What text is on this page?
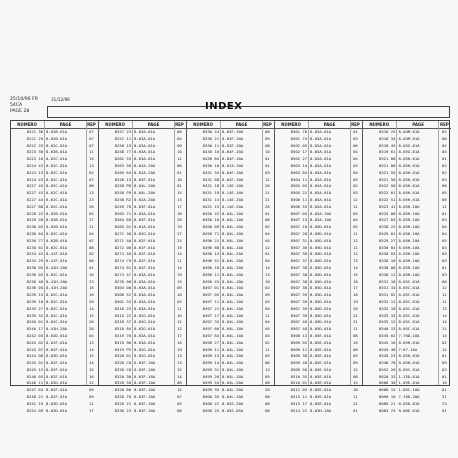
25/10/96 FR
54CA
PAGE 28
31/12/96
INDEX
NUMERO	PAGE	REP
8221 36 8-62B-01A	07
8221 29 8-62B-01A	07
8222 25 8-62C-01A	07
8223 30 8-62B-01A	11
8223 16 8-62C-01A	15
8224 43 8-62C-01A	13
8224 13 8-62C-01A	02
8224 43 8-62C-01A	07
8227 45 8-62C-01A	06
8227 43 8-62C-01A	13
8227 44 8-62C-01A	23
8227 88 8-62C-01A	26
8228 22 8-62B-01A	02
8229 28 8-62B-01A	17
8230 03 8-62B-01A	21
8230 64 8-62C-01A	04
8230 77 8-62B-01A	07
8230 61 8-62C-01A	08
8234 42 8-41F-01A	02
8234 29 8-41F-01A	06
8236 05 8-41H-20A	01
8236 03 8-62C-01A	16
8236 40 8-41H-20A	23
8236 05 8-41H-20A	16
8239 15 8-62C-01A	16
8239 16 8-62C-01A	20
8239 27 8-62C-01A	14
8239 32 8-62C-01A	15
8240 01 8-62C-01A	20
8240 17 8-41H-20A	20
8242 03 8-62D-01A	04
8243 02 8-62F-01A	13
8243 07 8-62F-01A	14
8244 08 8-62D-01A	15
8245 01 8-62F-01A	14
8245 15 8-62F-01A	15
8246 03 8-62F-01A	16
8246 11 8-62D-01A	22
8247 64 8-62F-01A	09
8248 21 8-62F-01A	09
8252 19 8-62D-01A	11
8254 09 8-62D-01A	17
NUMERO	PAGE	REP
8257 23 8-63A-01A	08
8257 11 8-63A-01A	04
8258 19 8-63A-01A	09
8258 77 8-63A-01A	10
8262 53 8-63A-01A	11
8263 56 8-62A-20A	06
8265 64 8-62A-20A	01
8258 13 8-63F-01A	18
8258 P8 8-04L-20A	01
8258 P9 8-04L-20A	15
8258 R2 8-62A-20A	13
8259 70 8-63F-01A	17
8263 71 8-63A-01A	18
8264 60 8-63F-01A	20
8265 01 8-61A-01A	19
8271 30 8-62G-01A	27
8271 40 8-62F-01A	24
8272 00 8-62F-01A	19
8274 50 8-62F-01A	14
8274 C9 8-62F-01A	11
8274 61 8-62F-01A	14
8274 47 8-63A-01A	19
8276 00 8-63A-01A	19
8304 08 8-63A-01A	09
8306 52 8-63A-01A	10
8301 33 8-63A-01A	03
8310 23 8-63A-01A	11
8315 22 8-62G-01A	10
8318 37 8-62G-01A	12
8318 84 8-62G-01A	12
8319 70 8-63A-01A	17
8319 96 8-63A-01A	10
8319 P5 8-62G-01A	19
8320 01 8-62G-01A	13
8320 C0 8-63F-10A	13
8320 C8 8-63F-10A	15
8320 30 8-63F-10A	14
8320 50 8-63F-10A	08
8320 66 8-63F-10A	15
8320 70 8-63F-10A	07
8320 21 8-63F-10A	09
8330 23 8-63F-10A	08
NUMERO	PAGE	REP
8330 24 8-63F-10A	08
8330 21 8-63F-10A	09
8330 11 8-63F-10A	08
8430 16 8-04F-10A	10
8430 84 8-04F-10A	01
8430 16 8-07A-10A	01
8431 34 8-04F-10A	03
8431 68 8-04F-10A	12
8431 18 8-14E-10A	20
8431 19 8-14E-10A	21
8431 14 8-14E-20A	21
8431 15 8-14E-20A	26
8456 22 8-04L-10A	01
8456 16 8-04L-10A	06
8456 09 8-04L-10A	02
8456 71 8-04L-10A	04
8496 21 8-04L-10A	04
8496 88 8-04L-10A	12
8496 14 8-04L-20A	01
8496 51 8-04L-20A	04
8496 18 8-04L-20A	14
8496 11 8-04L-10A	13
8496 43 8-04L-10A	10
8497 01 8-04L-10A	02
8497 05 8-04L-10A	09
8497 11 8-04L-10A	03
8497 21 8-04L-10A	04
8497 17 8-04L-10A	11
8497 33 8-04L-10A	04
8497 66 8-04L-10A	04
8497 84 8-04L-10A	04
8498 27 8-04L-10A	02
8499 11 8-04L-10A	11
8499 13 8-04L-20A	03
8499 14 8-04L-10A	06
8499 31 8-04L-10A	13
8499 20 8-04L-10A	05
8499 54 8-04L-20A	08
8499 35 8-04L-20A	20
8500 35 8-04L-10A	08
8500 22 8-05S-20A	08
8500 25 8-05S-05A	08
NUMERO	PAGE	REP
8501 70 8-05A-01A	01
8501 74 8-05A-01A	03
8502 03 8-05A-01A	06
8502 17 8-05A-01A	04
8502 27 8-05A-01A	04
8503 14 8-05A-01A	03
8503 84 8-05A-01A	04
8504 11 8-05A-01A	05
8505 03 8-05A-01A	02
8505 22 8-05A-01A	03
8506 11 8-05A-01A	12
8506 53 8-05A-01A	11
8507 03 8-05A-10A	05
8507 13 8-05A-10A	04
8507 16 8-05D-01A	05
8507 28 8-05D-01A	11
8507 31 8-05D-01A	12
8507 36 8-05D-01A	11
8507 36 8-05D-01A	12
8507 37 8-05D-01A	13
8507 38 8-05D-01A	14
8507 38 8-05D-01A	15
8507 38 8-05D-01A	16
8507 38 8-05D-01A	17
8507 39 8-05D-01A	18
8507 39 8-05D-01A	19
8507 39 8-05D-01A	20
8507 39 8-05D-01A	21
8507 48 8-05D-01A	21
8507 48 8-05D-01A	11
8508 13 8-05E-01A	08
8509 03 8-05E-01A	16
8509 12 8-05E-01A	08
8509 38 8-05E-01A	05
8509 48 8-05E-01A	09
8509 56 8-05E-01A	15
8510 35 8-05E-01A	08
8510 01 8-05E-01A	15
8512 05 8-05E-01A	18
8513 11 8-05E-01A	11
8513 17 8-05E-01A	21
8514 22 8-03H-10A	01
NUMERO	PAGE	REP
8516 25 8-04M-01A	02
8518 34 8-04M-01A	06
8518 45 8-05G-01A	02
8519 61 8-05G-01A	04
8521 08 8-05H-01A	01
8521 06 8-05H-01A	02
8521 55 8-05H-01A	02
8521 58 8-05H-01A	03
8522 50 8-05H-01A	06
8522 61 8-05H-01A	05
8522 51 8-05H-01A	06
8523 41 8-05H-10A	11
8525 06 8-05H-10A	01
8527 65 8-05H-10A	03
8528 22 8-05H-10A	04
8529 01 8-05H-10A	04
8529 27 8-05H-10A	05
8530 04 8-05H-10A	03
8530 03 8-05H-10A	03
8530 16 8-05H-10A	03
8530 08 8-05H-10A	01
8530 11 8-05H-10A	03
8531 16 8-05C-01A	06
8531 34 8-05C-01A	12
8531 02 8-05C-01A	11
8532 11 8-05C-01A	11
8532 18 8-05C-01A	13
8533 33 8-05C-01A	14
8535 12 8-05C-01A	14
8540 13 8-05C-01A	11
8545 02 7-70D-10A	14
8545 16 8-05H-01A	02
8545 46 7-67-10A	12
8545 23 8-05H-01A	01
8546 78 9-05H-01A	09
8552 20 8-05C-01A	03
8620 33 1-15D-01A	01
8606 30 1-05E-01A	10
8606 15 1-05C-10A	01
8090 16 7-76D-20A	31
8088 21 8-05D-01A	23
8083 74 9-06E-01A	01
